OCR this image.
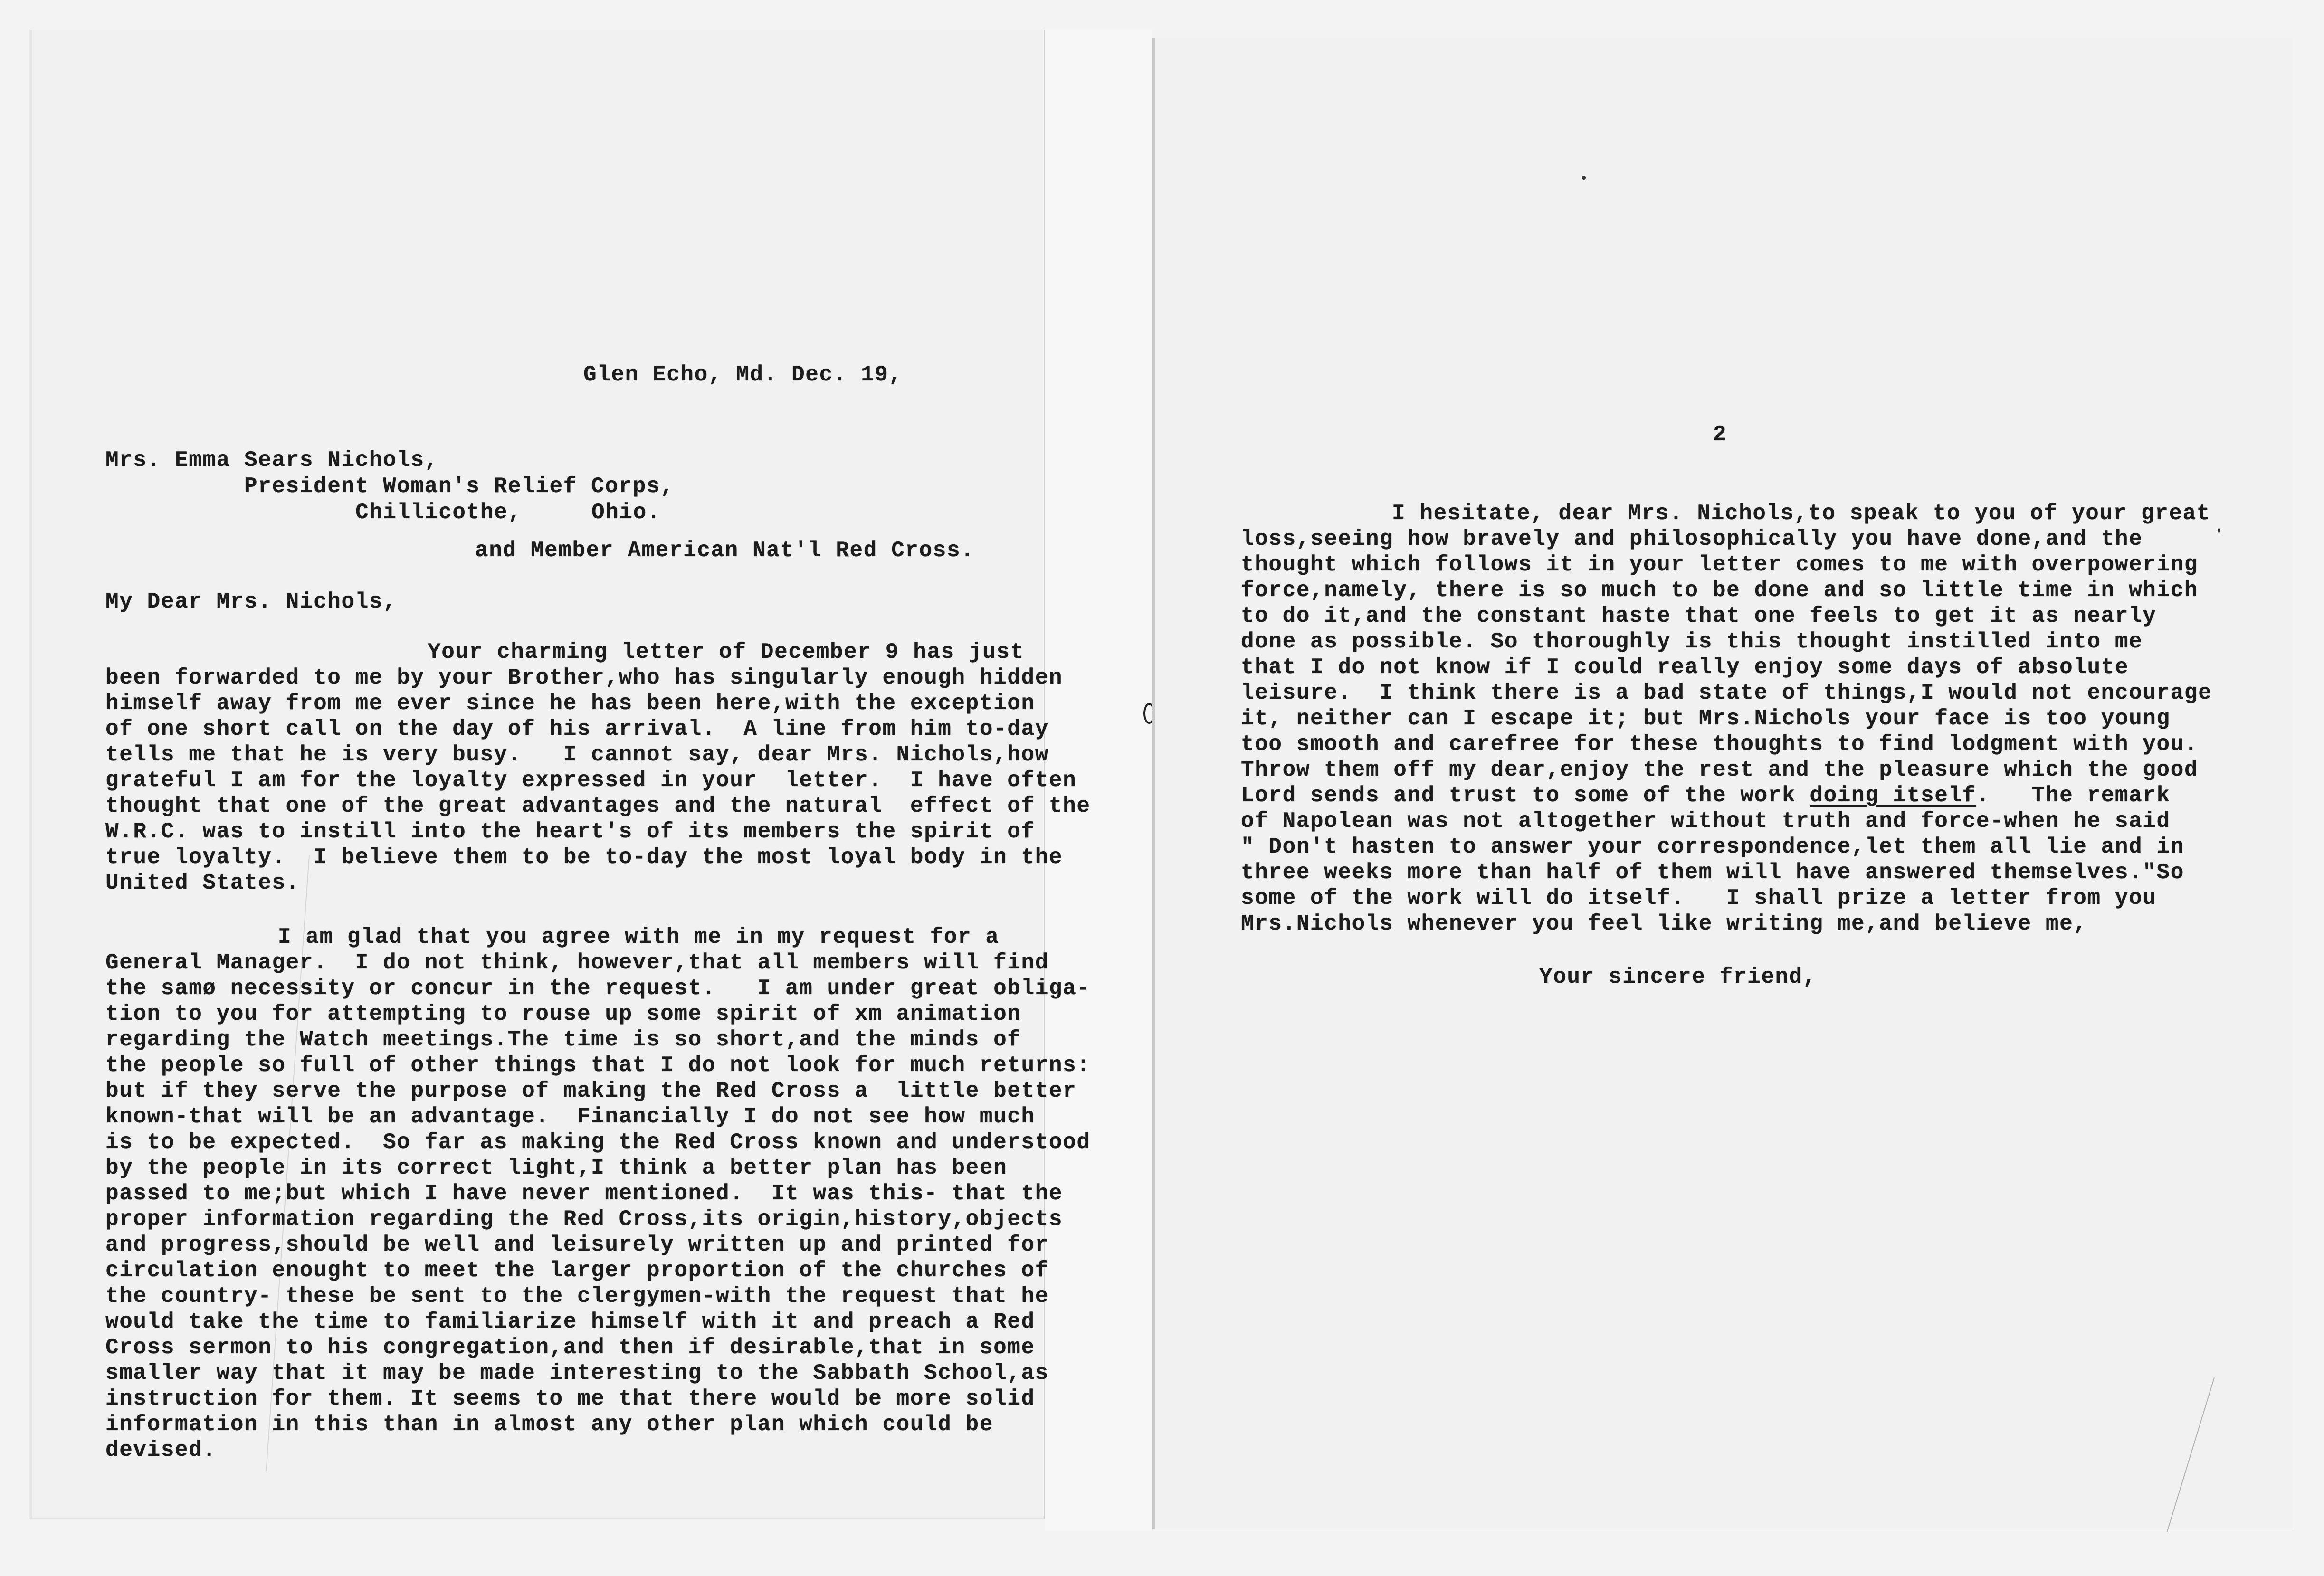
Glen Echo, Md. Dec. 19,
Mrs. Emma Sears Nichols,
President Woman's Relief Corps,
Chillicothe,	Ohio.
and Member American Nat'l Red Cross.
My Dear Mrs. Nichols,
Your charming letter of December 9 has just
been forwarded to me by your Brother,who has singularly enough hidden
himself away from me ever since he has been here,with the exception
of one short call on the day of his arrival.  A line from him to-day
tells me that he is very busy.   I cannot say, dear Mrs. Nichols,how
grateful I am for the loyalty expressed in your  letter.  I have often
thought that one of the great advantages and the natural  effect of the
W.R.C. was to instill into the heart's of its members the spirit of
true loyalty.  I believe them to be to-day the most loyal body in the
United States.
I am glad that you agree with me in my request for a
General Manager.  I do not think, however,that all members will find
the samø necessity or concur in the request.   I am under great obliga-
tion to you for attempting to rouse up some spirit of xm animation
regarding the Watch meetings.The time is so short,and the minds of
the people so full of other things that I do not look for much returns:
but if they serve the purpose of making the Red Cross a  little better
known-that will be an advantage.  Financially I do not see how much
is to be expected.  So far as making the Red Cross known and understood
by the people in its correct light,I think a better plan has been
passed to me;but which I have never mentioned.  It was this- that the
proper information regarding the Red Cross,its origin,history,objects
and progress,should be well and leisurely written up and printed for
circulation enought to meet the larger proportion of the churches of
the country- these be sent to the clergymen-with the request that he
would take the time to familiarize himself with it and preach a Red
Cross sermon to his congregation,and then if desirable,that in some
smaller way that it may be made interesting to the Sabbath School,as
instruction for them. It seems to me that there would be more solid
information in this than in almost any other plan which could be
devised.
2
I hesitate, dear Mrs. Nichols,to speak to you of your great
loss,seeing how bravely and philosophically you have done,and the
thought which follows it in your letter comes to me with overpowering
force,namely, there is so much to be done and so little time in which
to do it,and the constant haste that one feels to get it as nearly
done as possible. So thoroughly is this thought instilled into me
that I do not know if I could really enjoy some days of absolute
leisure.  I think there is a bad state of things,I would not encourage
it, neither can I escape it; but Mrs.Nichols your face is too young
too smooth and carefree for these thoughts to find lodgment with you.
Throw them off my dear,enjoy the rest and the pleasure which the good
Lord sends and trust to some of the work doing itself.   The remark
of Napolean was not altogether without truth and force-when he said
" Don't hasten to answer your correspondence,let them all lie and in
three weeks more than half of them will have answered themselves."So
some of the work will do itself.   I shall prize a letter from you
Mrs.Nichols whenever you feel like writing me,and believe me,
Your sincere friend,
